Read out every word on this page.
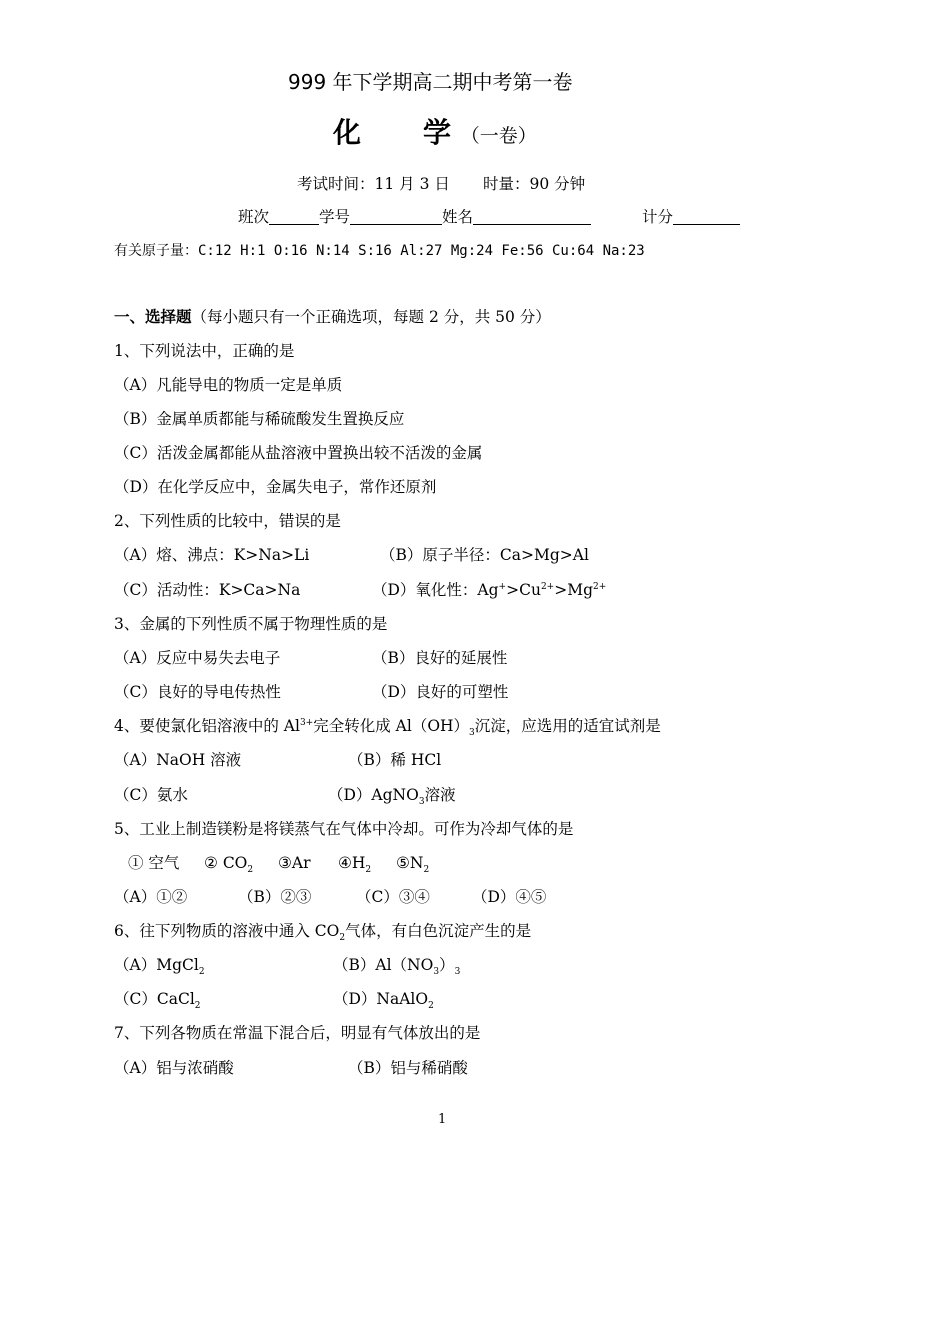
999 年下学期高二期中考第一卷
化 学 （一卷）
考试时间：11 月 3 日 时量：90 分钟
班次	学号	姓名	计分
有关原子量：C:12 H:1 O:16 N:14 S:16 Al:27 Mg:24 Fe:56 Cu:64 Na:23
一、选择题（每小题只有一个正确选项，每题 2 分，共 50 分）
1、下列说法中，正确的是
（A）凡能导电的物质一定是单质
（B）金属单质都能与稀硫酸发生置换反应
（C）活泼金属都能从盐溶液中置换出较不活泼的金属
（D）在化学反应中，金属失电子，常作还原剂
2、下列性质的比较中，错误的是
（A）熔、沸点：K>Na>Li	（B）原子半径：Ca>Mg>Al
（C）活动性：K>Ca>Na	（D）氧化性：$Ag^+>Cu^{2+}>Mg^{2+}$
3、金属的下列性质不属于物理性质的是
（A）反应中易失去电子	（B）良好的延展性
（C）良好的导电传热性	（D）良好的可塑性
4、要使氯化铝溶液中的 $Al^{3+}$完全转化成 $Al(OH)_3$沉淀，应选用的适宜试剂是
（A）NaOH 溶液	（B）稀 HCl
（C）氨水	（D）AgNO$_3$溶液
5、工业上制造镁粉是将镁蒸气在气体中冷却。可作为冷却气体的是
① 空气 ② $CO_2$ ③Ar $④H_2$ $⑤N_2$
（A）①②	（B）②③	（C）③④	（D）④⑤
6、往下列物质的溶液中通入 $CO_2$气体，有白色沉淀产生的是
（A）MgCl$_2$	$(B)Al(NO_3)_3$
（C）CaCl$_2$	（D）NaAlO$_2$
7、下列各物质在常温下混合后，明显有气体放出的是
（A）铝与浓硝酸	（B）铝与稀硝酸
1
